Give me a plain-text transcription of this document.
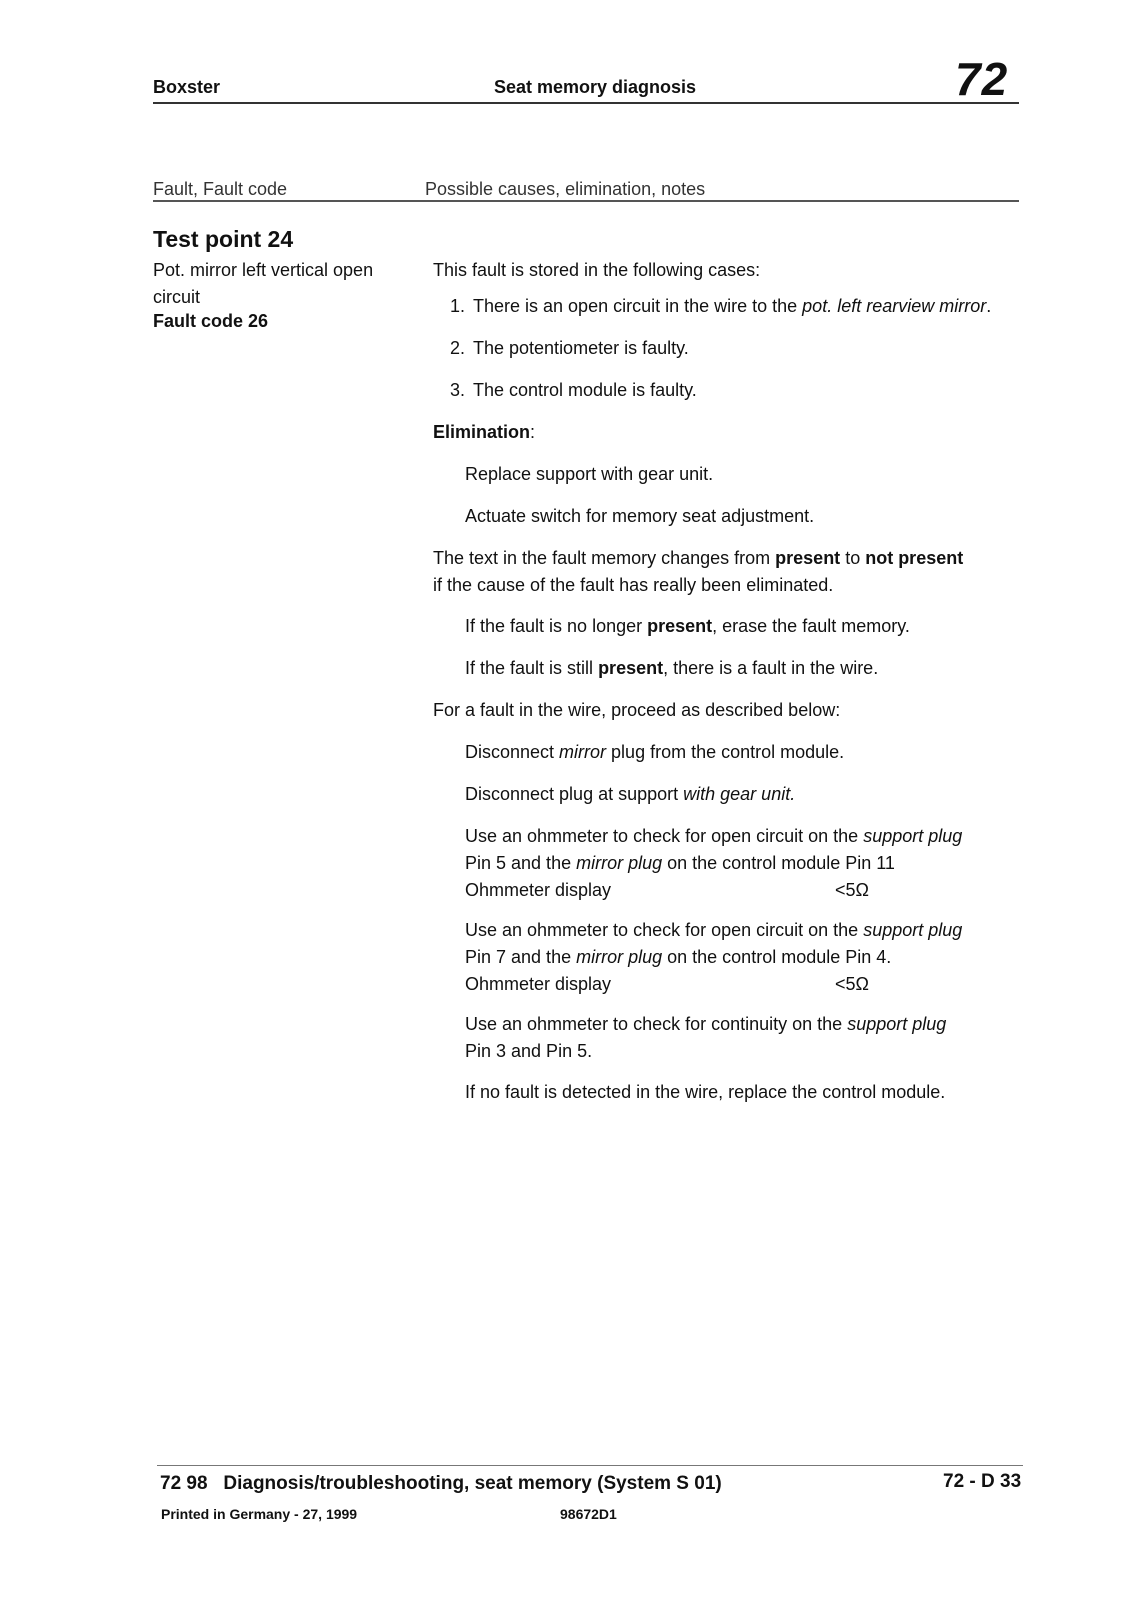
Boxster	Seat memory diagnosis	72
Fault, Fault code	Possible causes, elimination, notes
Test point 24
Pot. mirror left vertical open circuit
Fault code 26
This fault is stored in the following cases:
1. There is an open circuit in the wire to the pot. left rearview mirror.
2. The potentiometer is faulty.
3. The control module is faulty.
Elimination:
Replace support with gear unit.
Actuate switch for memory seat adjustment.
The text in the fault memory changes from present to not present
if the cause of the fault has really been eliminated.
If the fault is no longer present, erase the fault memory.
If the fault is still present, there is a fault in the wire.
For a fault in the wire, proceed as described below:
Disconnect mirror plug from the control module.
Disconnect plug at support with gear unit.
Use an ohmmeter to check for open circuit on the support plug
Pin 5 and the mirror plug on the control module Pin 11
Ohmmeter display	<5Ω
Use an ohmmeter to check for open circuit on the support plug
Pin 7 and the mirror plug on the control module Pin 4.
Ohmmeter display	<5Ω
Use an ohmmeter to check for continuity on the support plug
Pin 3 and Pin 5.
If no fault is detected in the wire, replace the control module.
72 98   Diagnosis/troubleshooting, seat memory (System S 01)	72 - D 33
Printed in Germany - 27, 1999	98672D1
